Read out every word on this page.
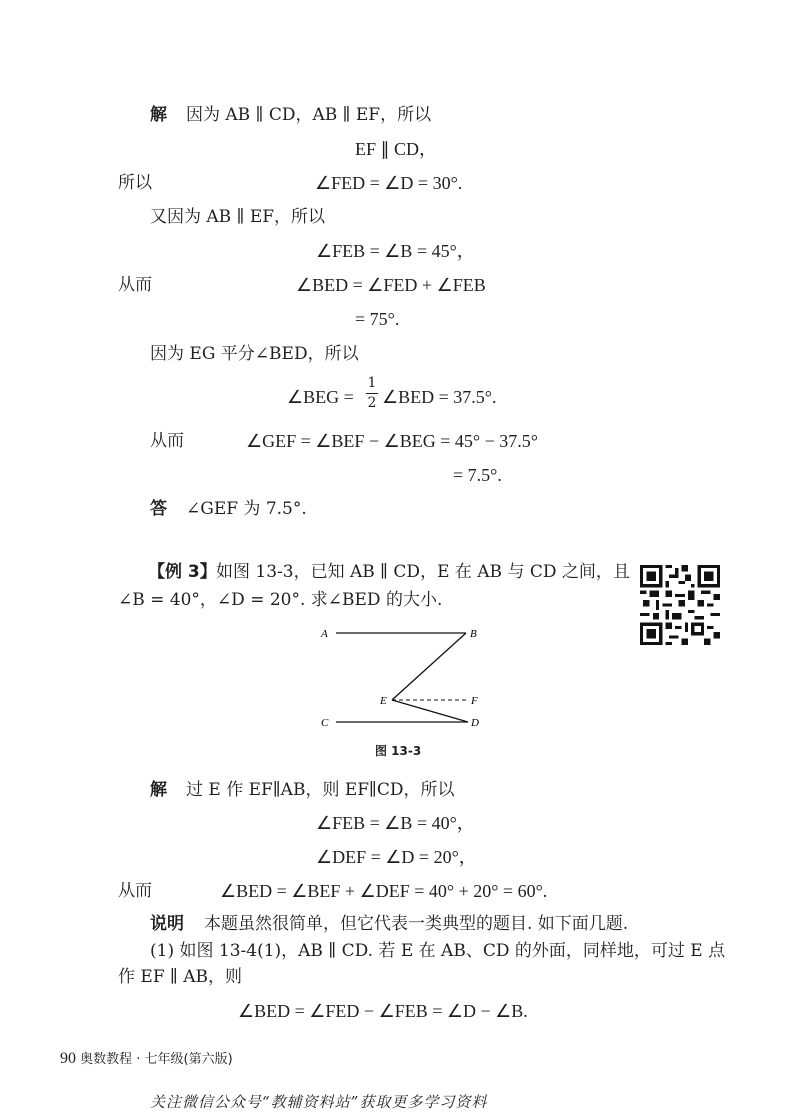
解 因为 AB ∥ CD，AB ∥ EF，所以
EF ∥ CD，
所以	∠FED = ∠D = 30°.
又因为 AB ∥ EF，所以
∠FEB = ∠B = 45°，
从而	∠BED = ∠FED + ∠FEB
= 75°.
因为 EG 平分∠BED，所以
∠BEG =
1
2 ∠BED = 37.5°.
从而	∠GEF = ∠BEF − ∠BEG = 45° − 37.5°
= 7.5°.
答 ∠GEF 为 7.5°.
【例 3】 如图 13-3，已知 AB ∥ CD，E 在 AB 与 CD 之间，且
∠B = 40°，∠D = 20°. 求∠BED 的大小.
A	B
E	F
C	D
图 13-3
解 过 E 作 EF∥AB，则 EF∥CD，所以
∠FEB = ∠B = 40°，
∠DEF = ∠D = 20°，
从而	∠BED = ∠BEF + ∠DEF = 40° + 20° = 60°.
说明 本题虽然很简单，但它代表一类典型的题目. 如下面几题.
(1) 如图 13-4(1)，AB ∥ CD. 若 E 在 AB、CD 的外面，同样地，可过 E 点
作 EF ∥ AB，则
∠BED = ∠FED − ∠FEB = ∠D − ∠B.
90 奥数教程 · 七年级(第六版)
关注微信公众号“教辅资料站”获取更多学习资料
